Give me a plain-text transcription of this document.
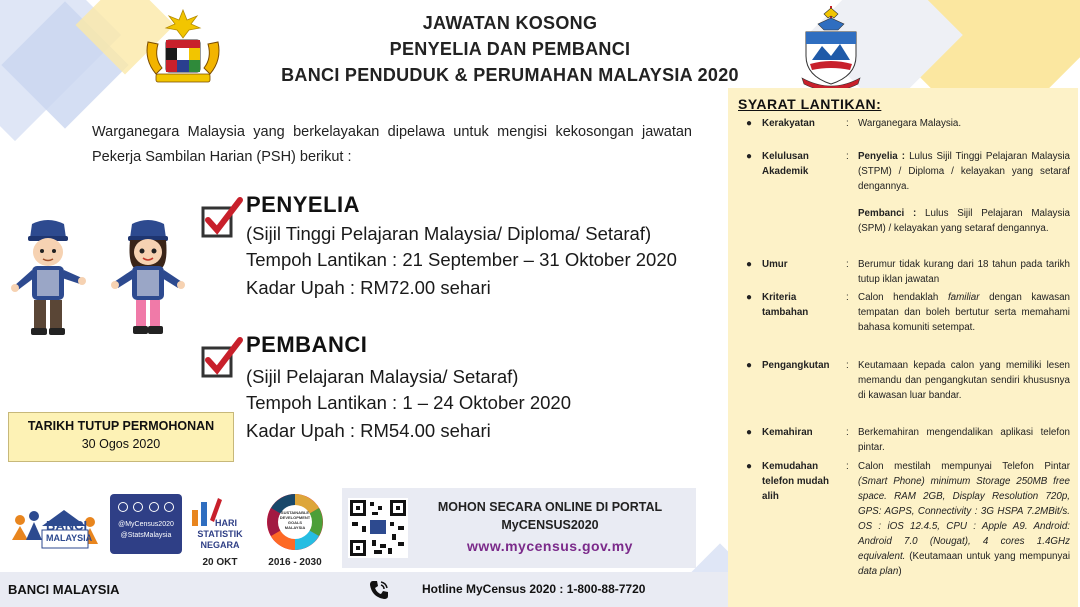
JAWATAN KOSONG
PENYELIA DAN PEMBANCI
BANCI PENDUDUK & PERUMAHAN MALAYSIA 2020
Warganegara Malaysia yang berkelayakan dipelawa untuk mengisi kekosongan jawatan Pekerja Sambilan Harian (PSH) berikut :
PENYELIA
(Sijil Tinggi Pelajaran Malaysia/ Diploma/ Setaraf)
Tempoh Lantikan : 21 September – 31 Oktober 2020
Kadar Upah : RM72.00 sehari
PEMBANCI
(Sijil Pelajaran Malaysia/ Setaraf)
Tempoh Lantikan : 1 – 24 Oktober 2020
Kadar Upah : RM54.00 sehari
TARIKH TUTUP PERMOHONAN
30 Ogos 2020
SYARAT LANTIKAN:
● Kerakyatan	: Warganegara Malaysia.
● Kelulusan Akademik
: Penyelia : Lulus Sijil Tinggi Pelajaran Malaysia (STPM) / Diploma / kelayakan yang setaraf dengannya.
Pembanci : Lulus Sijil Pelajaran Malaysia (SPM) / kelayakan yang setaraf dengannya.
● Umur	: Berumur tidak kurang dari 18 tahun pada tarikh tutup iklan jawatan
● Kriteria tambahan
: Calon hendaklah familiar dengan kawasan tempatan dan boleh bertutur serta memahami bahasa komuniti setempat.
● Pengangkutan	: Keutamaan kepada calon yang memiliki lesen memandu dan pengangkutan sendiri khususnya di kawasan luar bandar.
● Kemahiran	: Berkemahiran mengendalikan aplikasi telefon pintar.
● Kemudahan telefon mudah alih
: Calon mestilah mempunyai Telefon Pintar (Smart Phone) minimum Storage 250MB free space. RAM 2GB, Display Resolution 720p, GPS: AGPS, Connectivity : 3G HSPA 7.2MBit/s. OS : iOS 12.4.5, CPU : Apple A9. Android: Android 7.0 (Nougat), 4 cores 1.4GHz equivalent. (Keutamaan untuk yang mempunyai data plan)
BANCI
MALAYSIA
@MyCensus2020
@StatsMalaysia
HARI
STATISTIK
NEGARA
20 OKT
SUSTAINABLE
DEVELOPMENT
GOALS
MALAYSIA
2016 - 2030
MOHON SECARA ONLINE DI PORTAL
MyCENSUS2020
www.mycensus.gov.my
BANCI MALAYSIA	Hotline MyCensus 2020 : 1-800-88-7720
